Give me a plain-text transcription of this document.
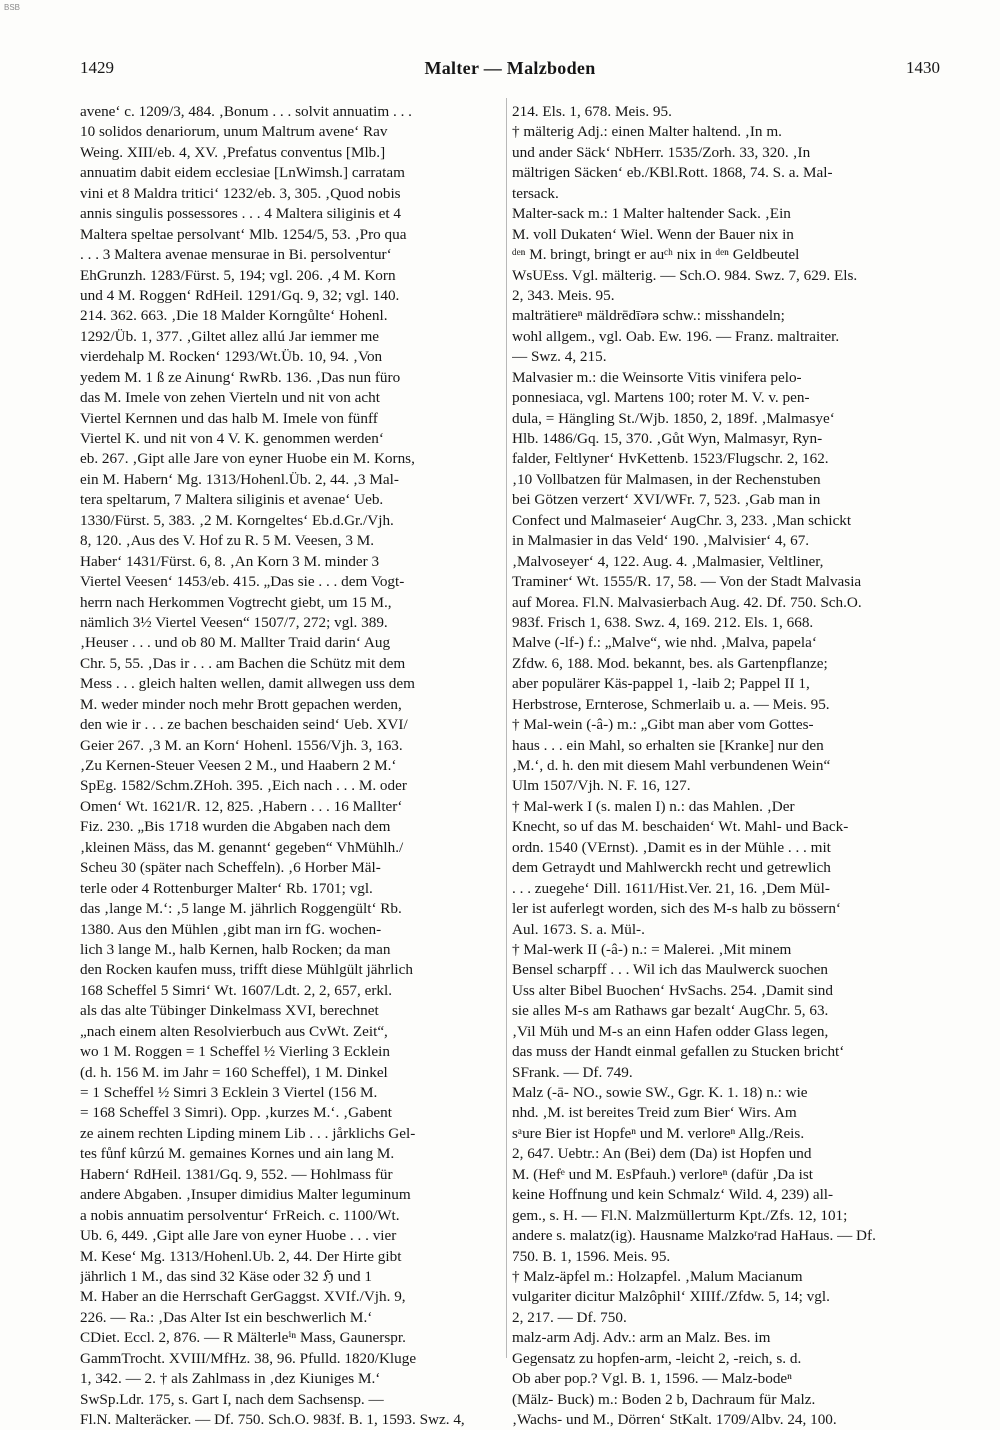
BSB
1429	Malter — Malzboden	1430
avene‘ c. 1209/3, 484. ‚Bonum . . . solvit annuatim . . .
10 solidos denariorum, unum Maltrum avene‘ Rav
Weing. XIII/eb. 4, XV. ‚Prefatus conventus [Mlb.]
annuatim dabit eidem ecclesiae [LnWimsh.] carratam
vini et 8 Maldra tritici‘ 1232/eb. 3, 305. ‚Quod nobis
annis singulis possessores . . . 4 Maltera siliginis et 4
Maltera speltae persolvant‘ Mlb. 1254/5, 53. ‚Pro qua
. . . 3 Maltera avenae mensurae in Bi. persolventur‘
EhGrunzh. 1283/Fürst. 5, 194; vgl. 206. ‚4 M. Korn
und 4 M. Roggen‘ RdHeil. 1291/Gq. 9, 32; vgl. 140.
214. 362. 663. ‚Die 18 Malder Korngůlte‘ Hohenl.
1292/Üb. 1, 377. ‚Giltet allez allú Jar iemmer me
vierdehalp M. Rocken‘ 1293/Wt.Üb. 10, 94. ‚Von
yedem M. 1 ß ze Ainung‘ RwRb. 136. ‚Das nun füro
das M. Imele von zehen Vierteln und nit von acht
Viertel Kernnen und das halb M. Imele von fünff
Viertel K. und nit von 4 V. K. genommen werden‘
eb. 267. ‚Gipt alle Jare von eyner Huobe ein M. Korns,
ein M. Habern‘ Mg. 1313/Hohenl.Üb. 2, 44. ‚3 Mal-
tera speltarum, 7 Maltera siliginis et avenae‘ Ueb.
1330/Fürst. 5, 383. ‚2 M. Korngeltes‘ Eb.d.Gr./Vjh.
8, 120. ‚Aus des V. Hof zu R. 5 M. Veesen, 3 M.
Haber‘ 1431/Fürst. 6, 8. ‚An Korn 3 M. minder 3
Viertel Veesen‘ 1453/eb. 415. „Das sie . . . dem Vogt-
herrn nach Herkommen Vogtrecht giebt, um 15 M.,
nämlich 3½ Viertel Veesen“ 1507/7, 272; vgl. 389.
‚Heuser . . . und ob 80 M. Mallter Traid darin‘ Aug
Chr. 5, 55. ‚Das ir . . . am Bachen die Schütz mit dem
Mess . . . gleich halten wellen, damit allwegen uss dem
M. weder minder noch mehr Brott gepachen werden,
den wie ir . . . ze bachen beschaiden seind‘ Ueb. XVI/
Geier 267. ‚3 M. an Korn‘ Hohenl. 1556/Vjh. 3, 163.
‚Zu Kernen-Steuer Veesen 2 M., und Haabern 2 M.‘
SpEg. 1582/Schm.ZHoh. 395. ‚Eich nach . . . M. oder
Omen‘ Wt. 1621/R. 12, 825. ‚Habern . . . 16 Mallter‘
Fiz. 230. „Bis 1718 wurden die Abgaben nach dem
‚kleinen Mäss, das M. genannt‘ gegeben“ VhMühlh./
Scheu 30 (später nach Scheffeln). ‚6 Horber Mäl-
terle oder 4 Rottenburger Malter‘ Rb. 1701; vgl.
das ‚lange M.‘: ‚5 lange M. jährlich Roggengült‘ Rb.
1380. Aus den Mühlen ‚gibt man irn fG. wochen-
lich 3 lange M., halb Kernen, halb Rocken; da man
den Rocken kaufen muss, trifft diese Mühlgült jährlich
168 Scheffel 5 Simri‘ Wt. 1607/Ldt. 2, 2, 657, erkl.
als das alte Tübinger Dinkelmass XVI, berechnet
„nach einem alten Resolvierbuch aus CvWt. Zeit“,
wo 1 M. Roggen = 1 Scheffel ½ Vierling 3 Ecklein
(d. h. 156 M. im Jahr = 160 Scheffel), 1 M. Dinkel
= 1 Scheffel ½ Simri 3 Ecklein 3 Viertel (156 M.
= 168 Scheffel 3 Simri). Opp. ‚kurzes M.‘. ‚Gabent
ze ainem rechten Lipding minem Lib . . . jårklichs Gel-
tes fůnf kûrzú M. gemaines Kornes und ain lang M.
Habern‘ RdHeil. 1381/Gq. 9, 552. — Hohlmass für
andere Abgaben. ‚Insuper dimidius Malter leguminum
a nobis annuatim persolventur‘ FrReich. c. 1100/Wt.
Ub. 6, 449. ‚Gipt alle Jare von eyner Huobe . . . vier
M. Kese‘ Mg. 1313/Hohenl.Ub. 2, 44. Der Hirte gibt
jährlich 1 M., das sind 32 Käse oder 32 ℌ und 1
M. Haber an die Herrschaft GerGaggst. XVIf./Vjh. 9,
226. — Ra.: ‚Das Alter Ist ein beschwerlich M.‘
CDiet. Eccl. 2, 876. — R Mälterleⁱⁿ Mass, Gaunerspr.
GammTrocht. XVIII/MfHz. 38, 96. Pfulld. 1820/Kluge
1, 342. — 2. † als Zahlmass in ‚dez Kiuniges M.‘
SwSp.Ldr. 175, s. Gart I, nach dem Sachsensp. —
Fl.N. Malteräcker. — Df. 750. Sch.O. 983f. B. 1, 1593. Swz. 4,
214. Els. 1, 678. Meis. 95.
† mälterig Adj.: einen Malter haltend. ‚In m.
und ander Säck‘ NbHerr. 1535/Zorh. 33, 320. ‚In
mältrigen Säcken‘ eb./KBl.Rott. 1868, 74. S. a. Mal-
tersack.
Malter-sack m.: 1 Malter haltender Sack. ‚Ein
M. voll Dukaten‘ Wiel. Wenn der Bauer nix in
ᵈᵉⁿ M. bringt, bringt er auᶜʰ nix in ᵈᵉⁿ Geldbeutel
WsUEss. Vgl. mälterig. — Sch.O. 984. Swz. 7, 629. Els.
2, 343. Meis. 95.
malträtiereⁿ mäldrēdīərə schw.: misshandeln;
wohl allgem., vgl. Oab. Ew. 196. — Franz. maltraiter.
— Swz. 4, 215.
Malvasier m.: die Weinsorte Vitis vinifera pelo-
ponnesiaca, vgl. Martens 100; roter M. V. v. pen-
dula, = Hängling St./Wjb. 1850, 2, 189f. ‚Malmasye‘
Hlb. 1486/Gq. 15, 370. ‚Gůt Wyn, Malmasyr, Ryn-
falder, Feltlyner‘ HvKettenb. 1523/Flugschr. 2, 162.
‚10 Vollbatzen für Malmasen, in der Rechenstuben
bei Götzen verzert‘ XVI/WFr. 7, 523. ‚Gab man in
Confect und Malmaseier‘ AugChr. 3, 233. ‚Man schickt
in Malmasier in das Veld‘ 190. ‚Malvisier‘ 4, 67.
‚Malvoseyer‘ 4, 122. Aug. 4. ‚Malmasier, Veltliner,
Traminer‘ Wt. 1555/R. 17, 58. — Von der Stadt Malvasia
auf Morea. Fl.N. Malvasierbach Aug. 42. Df. 750. Sch.O.
983f. Frisch 1, 638. Swz. 4, 169. 212. Els. 1, 668.
Malve (-lf-) f.: „Malve“, wie nhd. ‚Malva, papela‘
Zfdw. 6, 188. Mod. bekannt, bes. als Gartenpflanze;
aber populärer Käs-pappel 1, -laib 2; Pappel II 1,
Herbstrose, Ernterose, Schmerlaib u. a. — Meis. 95.
† Mal-wein (-â-) m.: „Gibt man aber vom Gottes-
haus . . . ein Mahl, so erhalten sie [Kranke] nur den
‚M.‘, d. h. den mit diesem Mahl verbundenen Wein“
Ulm 1507/Vjh. N. F. 16, 127.
† Mal-werk I (s. malen I) n.: das Mahlen. ‚Der
Knecht, so uf das M. beschaiden‘ Wt. Mahl- und Back-
ordn. 1540 (VErnst). ‚Damit es in der Mühle . . . mit
dem Getraydt und Mahlwerckh recht und getrewlich
. . . zuegehe‘ Dill. 1611/Hist.Ver. 21, 16. ‚Dem Mül-
ler ist auferlegt worden, sich des M-s halb zu bössern‘
Aul. 1673. S. a. Mül-.
† Mal-werk II (-â-) n.: = Malerei. ‚Mit minem
Bensel scharpff . . . Wil ich das Maulwerck suochen
Uss alter Bibel Buochen‘ HvSachs. 254. ‚Damit sind
sie alles M-s am Rathaws gar bezalt‘ AugChr. 5, 63.
‚Vil Müh und M-s an einn Hafen odder Glass legen,
das muss der Handt einmal gefallen zu Stucken bricht‘
SFrank. — Df. 749.
Malz (-ā- NO., sowie SW., Ggr. K. 1. 18) n.: wie
nhd. ‚M. ist bereites Treid zum Bier‘ Wirs. Am
sᵃure Bier ist Hopfeⁿ und M. verloreⁿ Allg./Reis.
2, 647. Uebtr.: An (Bei) dem (Da) ist Hopfen und
M. (Hefᵉ und M. EsPfauh.) verloreⁿ (dafür ‚Da ist
keine Hoffnung und kein Schmalz‘ Wild. 4, 239) all-
gem., s. H. — Fl.N. Malzmüllerturm Kpt./Zfs. 12, 101;
andere s. malatz(ig). Hausname Malzkoʳrad HaHaus. — Df.
750. B. 1, 1596. Meis. 95.
† Malz-äpfel m.: Holzapfel. ‚Malum Macianum
vulgariter dicitur Malzôphil‘ XIIIf./Zfdw. 5, 14; vgl.
2, 217. — Df. 750.
malz-arm Adj. Adv.: arm an Malz. Bes. im
Gegensatz zu hopfen-arm, -leicht 2, -reich, s. d.
Ob aber pop.? Vgl. B. 1, 1596. — Malz-bodeⁿ
(Mälz- Buck) m.: Boden 2 b, Dachraum für Malz.
‚Wachs- und M., Dörren‘ StKalt. 1709/Albv. 24, 100.
